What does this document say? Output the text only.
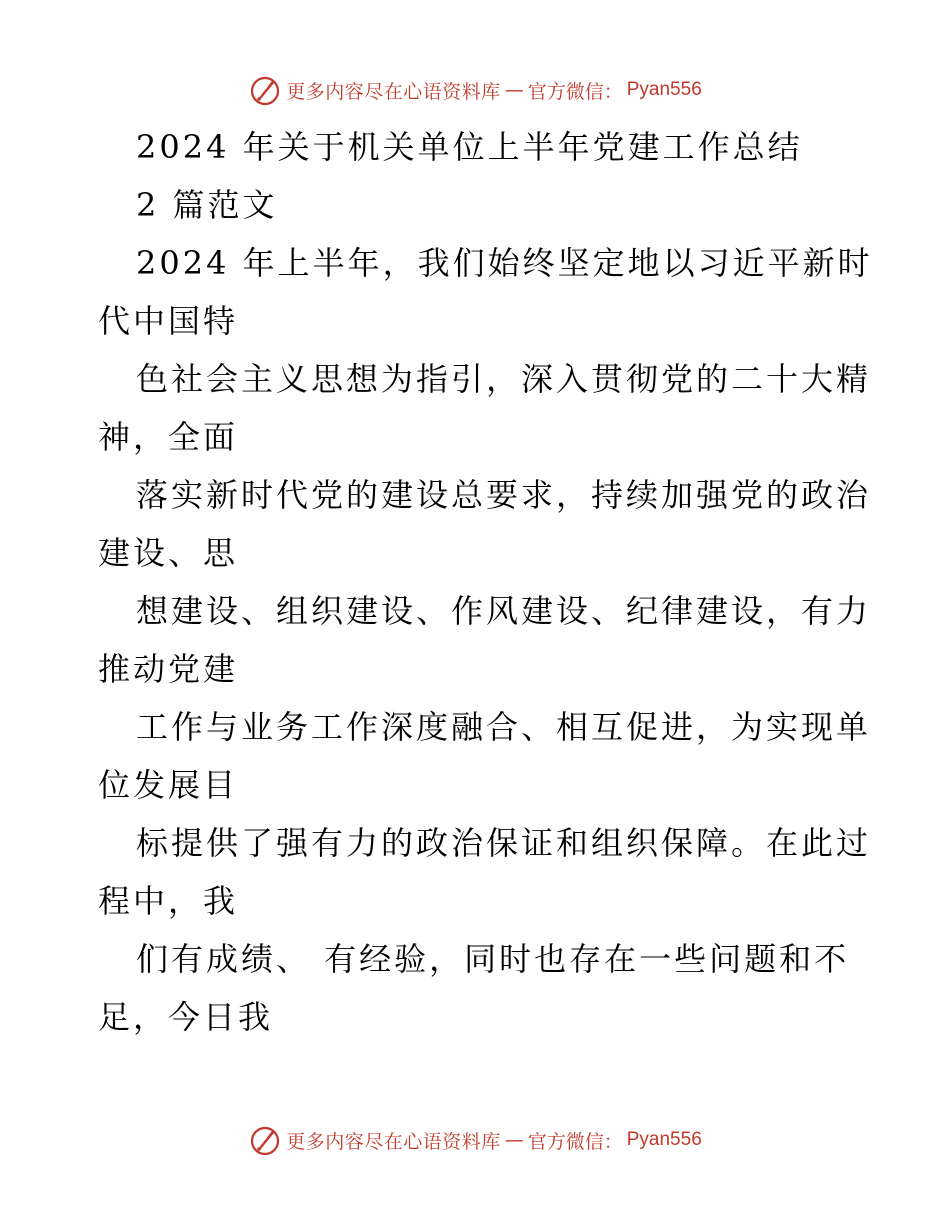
更多内容尽在心语资料库 — 官方微信： Pyan556
2024 年关于机关单位上半年党建工作总结
2 篇范文
2024 年上半年，我们始终坚定地以习近平新时
代中国特
色社会主义思想为指引，深入贯彻党的二十大精
神，全面
落实新时代党的建设总要求，持续加强党的政治
建设、思
想建设、组织建设、作风建设、纪律建设，有力
推动党建
工作与业务工作深度融合、相互促进，为实现单
位发展目
标提供了强有力的政治保证和组织保障。在此过
程中，我
们有成绩、 有经验，同时也存在一些问题和不
足，今日我
更多内容尽在心语资料库 — 官方微信： Pyan556
